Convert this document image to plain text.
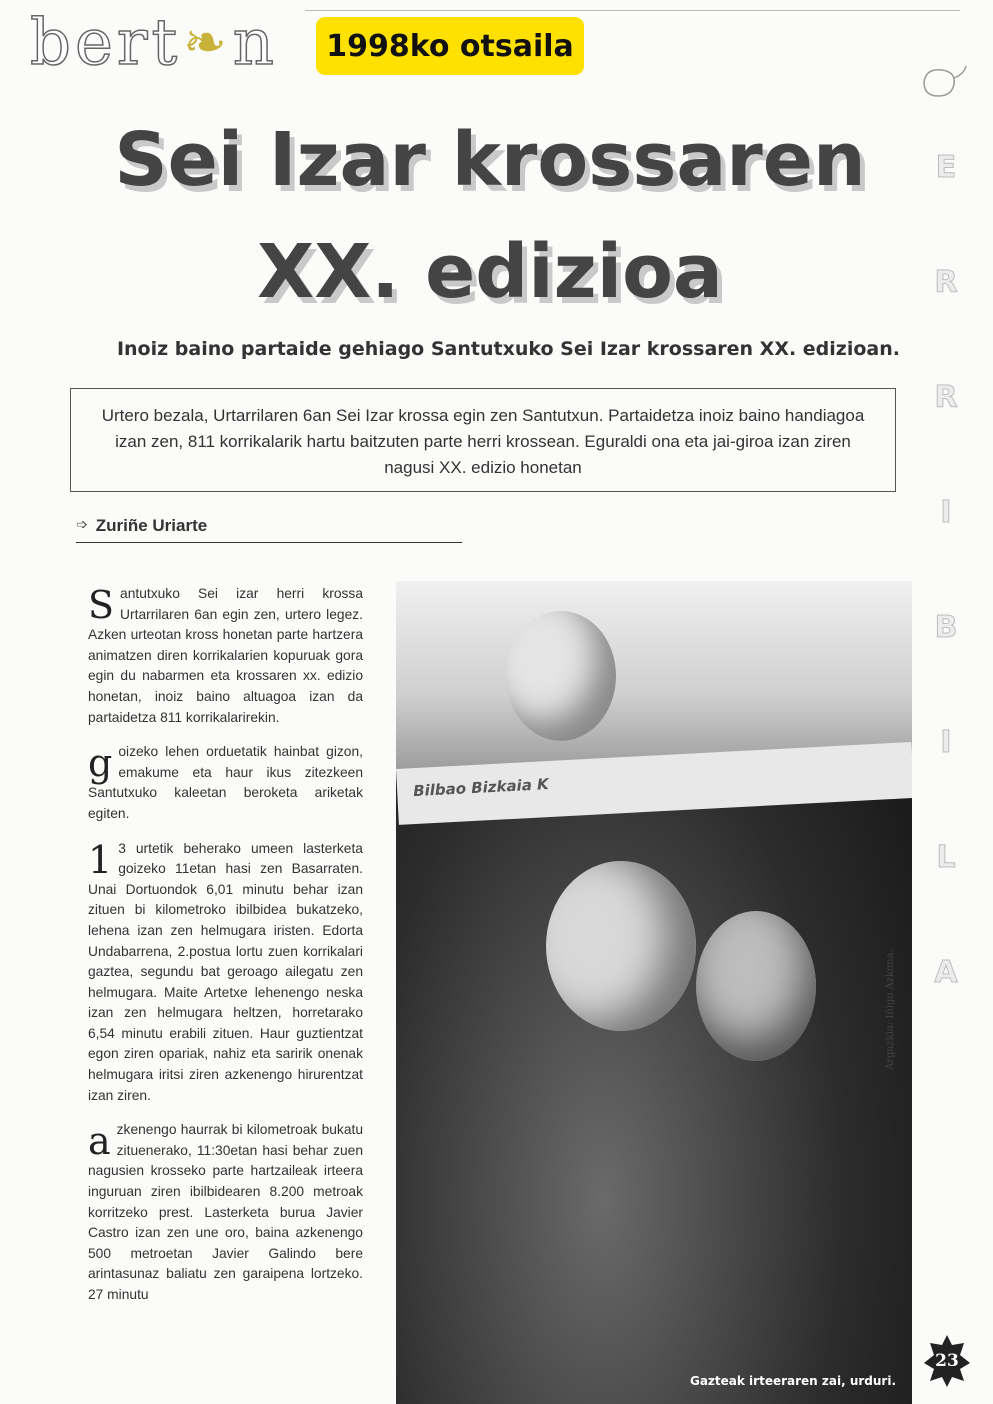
bert ❧ n	1998ko otsaila
Sei Izar krossaren
XX. edizioa
E
R
R
I
B
I
L
A
Inoiz baino partaide gehiago Santutxuko Sei Izar krossaren XX. edizioan.
Urtero bezala, Urtarrilaren 6an Sei Izar krossa egin zen Santutxun. Partaidetza inoiz baino handiagoa izan zen, 811 korrikalarik hartu baitzuten parte herri krossean. Eguraldi ona eta jai-giroa izan ziren nagusi XX. edizio honetan
➩ Zuriñe Uriarte

Santutxuko Sei izar herri krossa Urtarrilaren 6an egin zen, urtero legez. Azken urteotan kross honetan parte hartzera animatzen diren korrikalarien kopuruak gora egin du nabarmen eta krossaren xx. edizio honetan, inoiz baino altuagoa izan da partaidetza 811 korrikalarirekin.

goizeko lehen orduetatik hainbat gizon, emakume eta haur ikus zitezkeen Santutxuko kaleetan beroketa ariketak egiten.

1 3 urtetik beherako umeen lasterketa goizeko 11etan hasi zen Basarraten. Unai Dortuondok 6,01 minutu behar izan zituen bi kilometroko ibilbidea bukatzeko, lehena izan zen helmugara iristen. Edorta Undabarrena, 2.postua lortu zuen korrikalari gaztea, segundu bat geroago ailegatu zen helmugara. Maite Artetxe lehenengo neska izan zen helmugara heltzen, horretarako 6,54 minutu erabili zituen. Haur guztientzat egon ziren opariak, nahiz eta saririk onenak helmugara iritsi ziren azkenengo hirurentzat izan ziren.

azkenengo haurrak bi kilometroak bukatu zituenerako, 11:30etan hasi behar zuen nagusien krosseko parte hartzaileak irteera inguruan ziren ibilbidearen 8.200 metroak korritzeko prest. Lasterketa burua Javier Castro izan zen une oro, baina azkenengo 500 metroetan Javier Galindo bere arintasunaz baliatu zen garaipena lortzeko. 27 minutu

Bilbao Bizkaia K
Gazteak irteeraren zai, urduri.
Argazkia: Iñigo Azkona.
23
